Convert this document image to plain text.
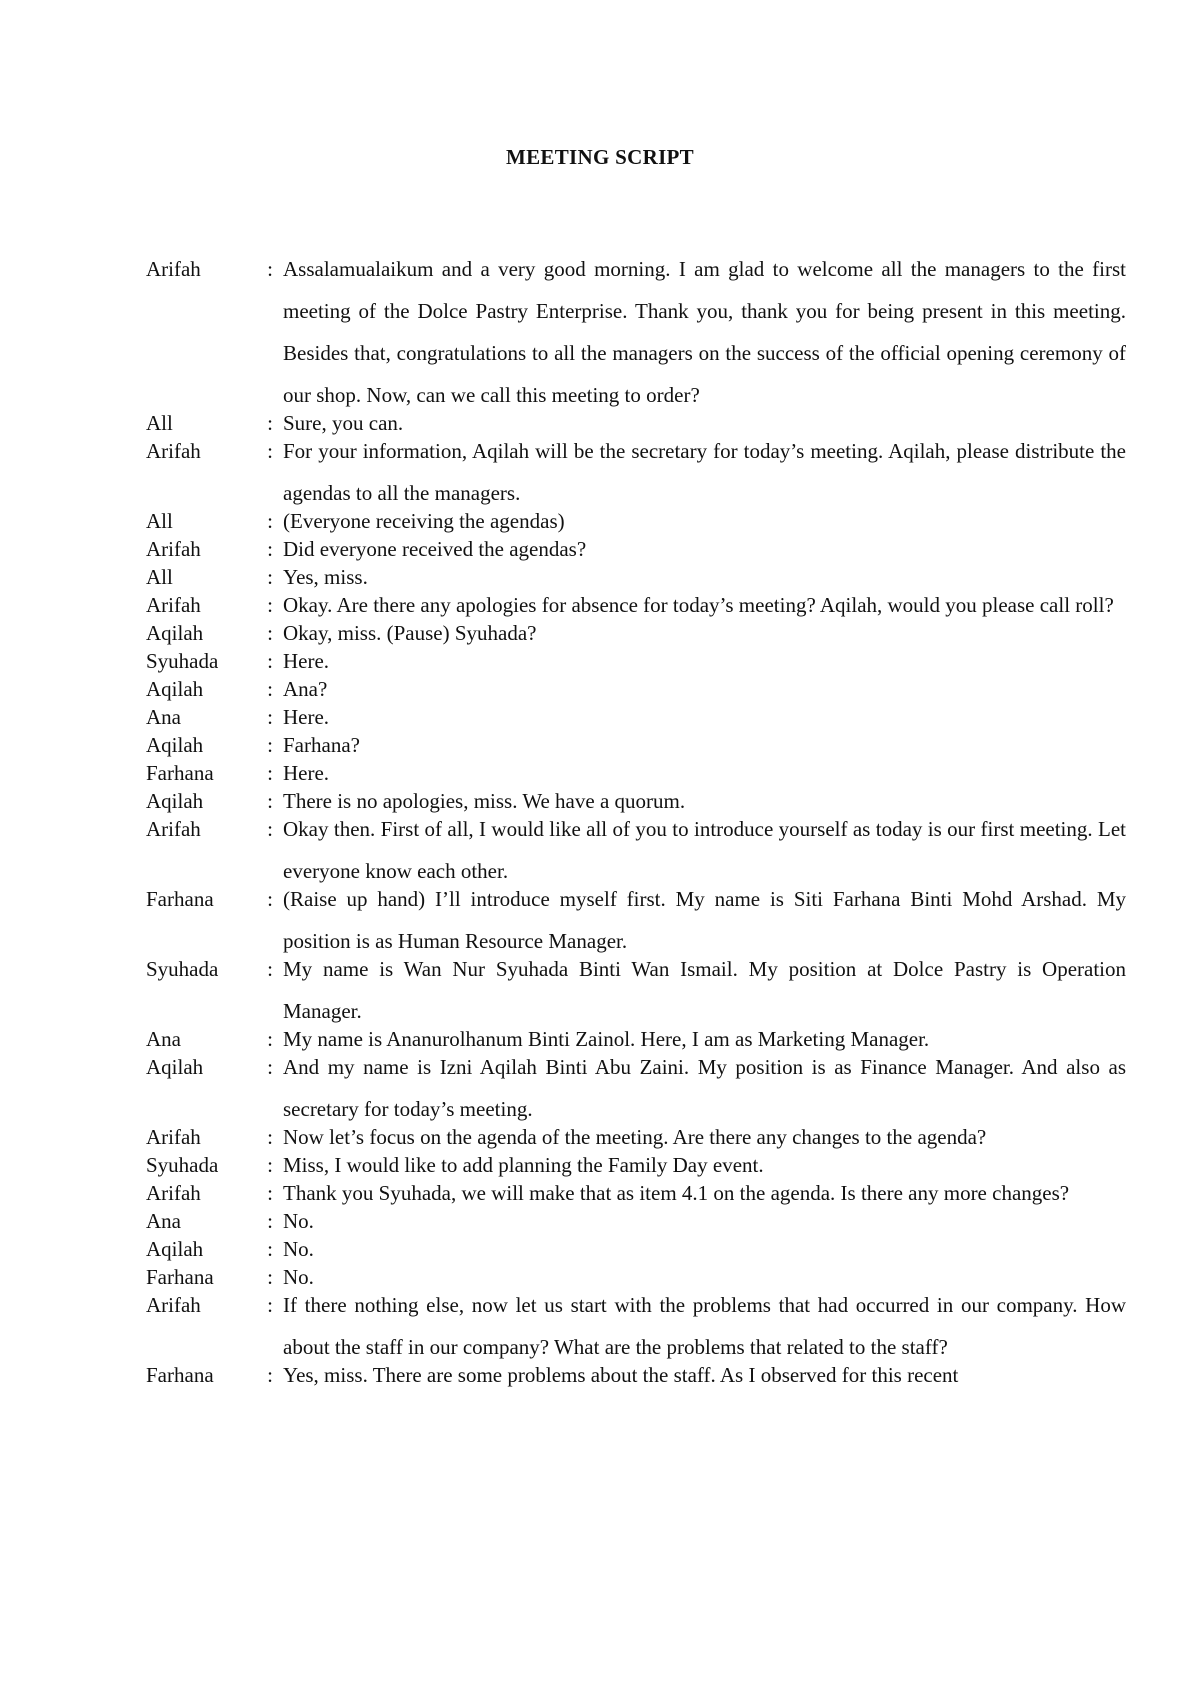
MEETING SCRIPT
Arifah	: Assalamualaikum and a very good morning. I am glad to welcome all the managers to the first meeting of the Dolce Pastry Enterprise. Thank you, thank you for being present in this meeting. Besides that, congratulations to all the managers on the success of the official opening ceremony of our shop. Now, can we call this meeting to order?
All	: Sure, you can.
Arifah	: For your information, Aqilah will be the secretary for today’s meeting. Aqilah, please distribute the agendas to all the managers.
All	: (Everyone receiving the agendas)
Arifah	: Did everyone received the agendas?
All	: Yes, miss.
Arifah	: Okay. Are there any apologies for absence for today’s meeting? Aqilah, would you please call roll?
Aqilah	: Okay, miss. (Pause) Syuhada?
Syuhada	: Here.
Aqilah	: Ana?
Ana	: Here.
Aqilah	: Farhana?
Farhana	: Here.
Aqilah	: There is no apologies, miss. We have a quorum.
Arifah	: Okay then. First of all, I would like all of you to introduce yourself as today is our first meeting. Let everyone know each other.
Farhana	: (Raise up hand) I’ll introduce myself first. My name is Siti Farhana Binti Mohd Arshad. My position is as Human Resource Manager.
Syuhada	: My name is Wan Nur Syuhada Binti Wan Ismail. My position at Dolce Pastry is Operation Manager.
Ana	: My name is Ananurolhanum Binti Zainol. Here, I am as Marketing Manager.
Aqilah	: And my name is Izni Aqilah Binti Abu Zaini. My position is as Finance Manager. And also as secretary for today’s meeting.
Arifah	: Now let’s focus on the agenda of the meeting. Are there any changes to the agenda?
Syuhada	: Miss, I would like to add planning the Family Day event.
Arifah	: Thank you Syuhada, we will make that as item 4.1 on the agenda. Is there any more changes?
Ana	: No.
Aqilah	: No.
Farhana	: No.
Arifah	: If there nothing else, now let us start with the problems that had occurred in our company. How about the staff in our company? What are the problems that related to the staff?
Farhana	: Yes, miss. There are some problems about the staff. As I observed for this recent
